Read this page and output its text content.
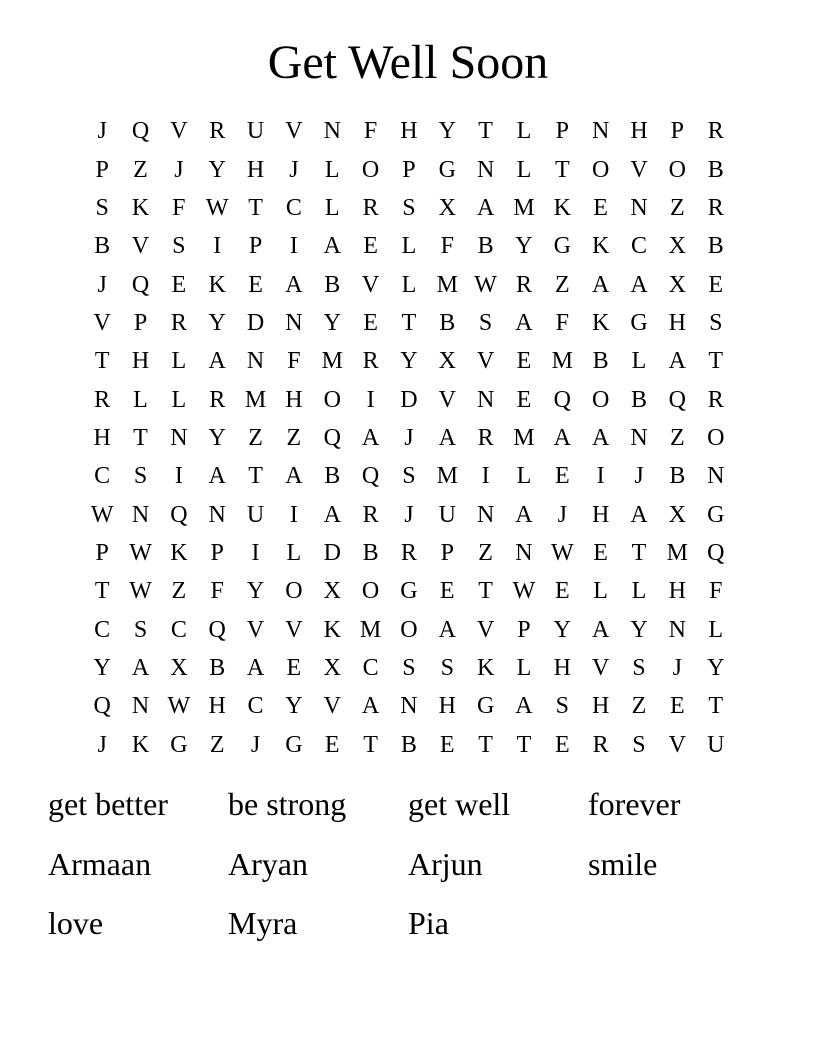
Get Well Soon
J	Q	V	R	U	V	N	F	H	Y	T	L	P	N	H	P	R
P	Z	J	Y	H	J	L	O	P	G	N	L	T	O	V	O	B
S	K	F	W	T	C	L	R	S	X	A	M	K	E	N	Z	R
B	V	S	I	P	I	A	E	L	F	B	Y	G	K	C	X	B
J	Q	E	K	E	A	B	V	L	M	W	R	Z	A	A	X	E
V	P	R	Y	D	N	Y	E	T	B	S	A	F	K	G	H	S
T	H	L	A	N	F	M	R	Y	X	V	E	M	B	L	A	T
R	L	L	R	M	H	O	I	D	V	N	E	Q	O	B	Q	R
H	T	N	Y	Z	Z	Q	A	J	A	R	M	A	A	N	Z	O
C	S	I	A	T	A	B	Q	S	M	I	L	E	I	J	B	N
W	N	Q	N	U	I	A	R	J	U	N	A	J	H	A	X	G
P	W	K	P	I	L	D	B	R	P	Z	N	W	E	T	M	Q
T	W	Z	F	Y	O	X	O	G	E	T	W	E	L	L	H	F
C	S	C	Q	V	V	K	M	O	A	V	P	Y	A	Y	N	L
Y	A	X	B	A	E	X	C	S	S	K	L	H	V	S	J	Y
Q	N	W	H	C	Y	V	A	N	H	G	A	S	H	Z	E	T
J	K	G	Z	J	G	E	T	B	E	T	T	E	R	S	V	U
get better	be strong	get well	forever
Armaan	Aryan	Arjun	smile
love	Myra	Pia
